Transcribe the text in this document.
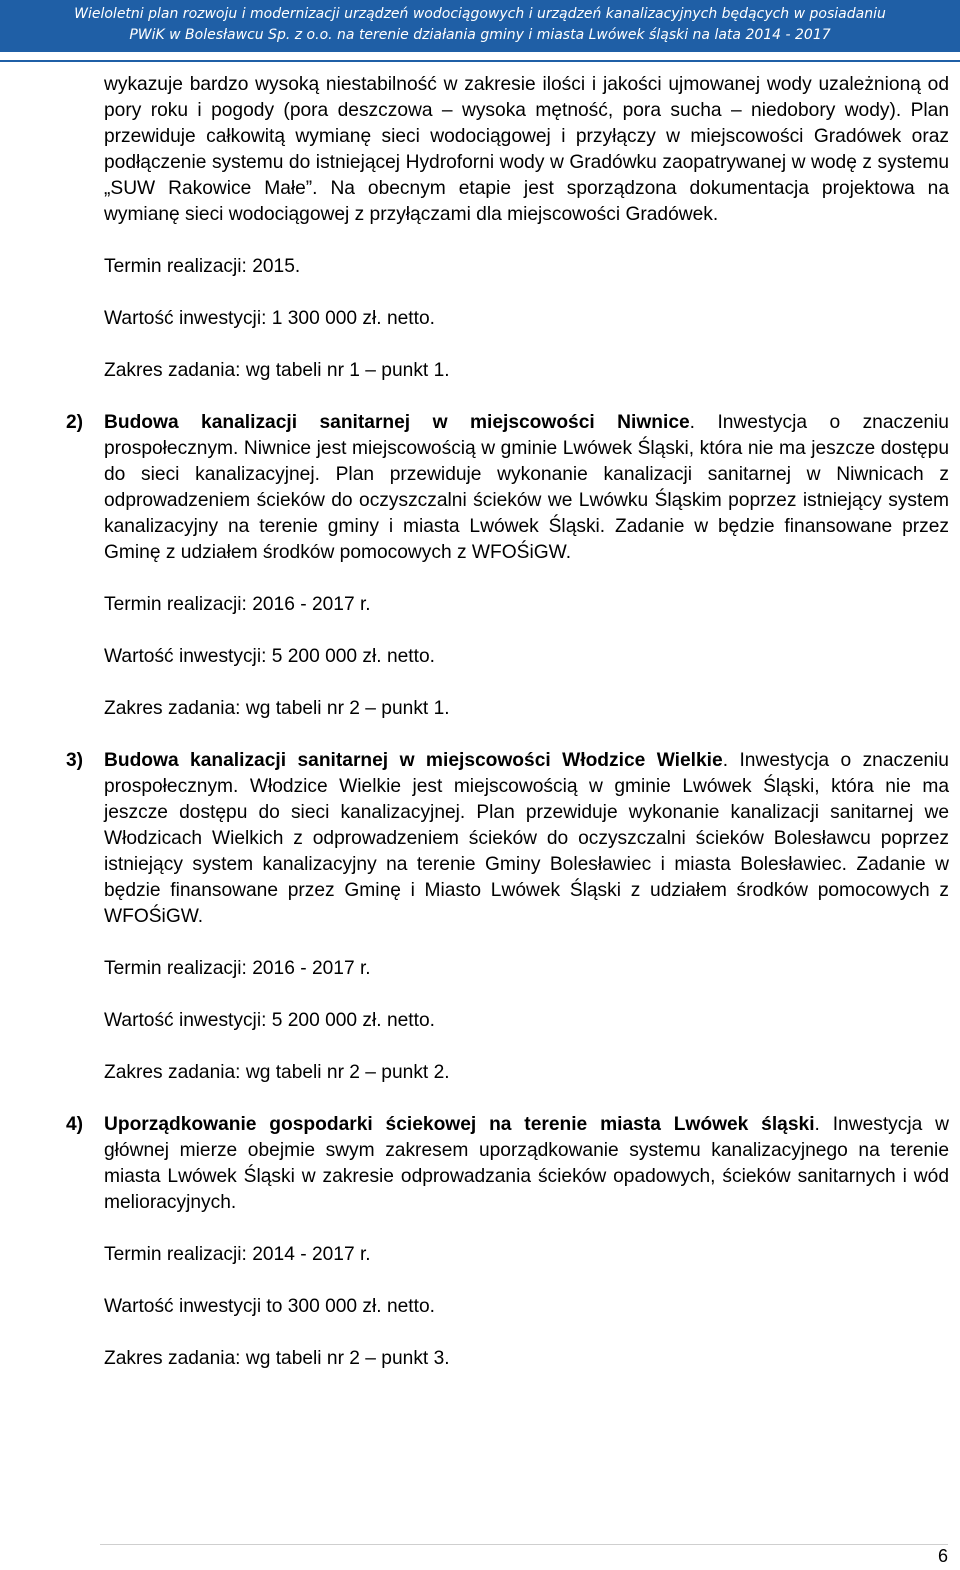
Wieloletni plan rozwoju i modernizacji urządzeń wodociągowych i urządzeń kanalizacyjnych będących w posiadaniu
PWiK w Bolesławcu Sp. z o.o. na terenie działania gminy i miasta Lwówek śląski na lata 2014 - 2017
wykazuje bardzo wysoką niestabilność w zakresie ilości i jakości ujmowanej wody uzależnioną od pory roku i pogody (pora deszczowa – wysoka mętność, pora sucha – niedobory wody). Plan przewiduje całkowitą wymianę sieci wodociągowej i przyłączy w miejscowości Gradówek oraz podłączenie systemu do istniejącej Hydroforni wody w Gradówku zaopatrywanej w wodę z systemu „SUW Rakowice Małe”. Na obecnym etapie jest sporządzona dokumentacja projektowa na wymianę sieci wodociągowej z przyłączami dla miejscowości Gradówek.
Termin realizacji: 2015.
Wartość inwestycji: 1 300 000 zł. netto.
Zakres zadania: wg tabeli nr 1 – punkt 1.
2) Budowa kanalizacji sanitarnej w miejscowości Niwnice. Inwestycja o znaczeniu prospołecznym. Niwnice jest miejscowością w gminie Lwówek Śląski, która nie ma jeszcze dostępu do sieci kanalizacyjnej. Plan przewiduje wykonanie kanalizacji sanitarnej w Niwnicach z odprowadzeniem ścieków do oczyszczalni ścieków we Lwówku Śląskim poprzez istniejący system kanalizacyjny na terenie gminy i miasta Lwówek Śląski. Zadanie w będzie finansowane przez Gminę z udziałem środków pomocowych z WFOŚiGW.
Termin realizacji: 2016 - 2017 r.
Wartość inwestycji: 5 200 000 zł. netto.
Zakres zadania: wg tabeli nr 2 – punkt 1.
3) Budowa kanalizacji sanitarnej w miejscowości Włodzice Wielkie. Inwestycja o znaczeniu prospołecznym. Włodzice Wielkie jest miejscowością w gminie Lwówek Śląski, która nie ma jeszcze dostępu do sieci kanalizacyjnej. Plan przewiduje wykonanie kanalizacji sanitarnej we Włodzicach Wielkich z odprowadzeniem ścieków do oczyszczalni ścieków Bolesławcu poprzez istniejący system kanalizacyjny na terenie Gminy Bolesławiec i miasta Bolesławiec. Zadanie w będzie finansowane przez Gminę i Miasto Lwówek Śląski z udziałem środków pomocowych z WFOŚiGW.
Termin realizacji: 2016 - 2017 r.
Wartość inwestycji: 5 200 000 zł. netto.
Zakres zadania: wg tabeli nr 2 – punkt 2.
4) Uporządkowanie gospodarki ściekowej na terenie miasta Lwówek śląski. Inwestycja w głównej mierze obejmie swym zakresem uporządkowanie systemu kanalizacyjnego na terenie miasta Lwówek Śląski w zakresie odprowadzania ścieków opadowych, ścieków sanitarnych i wód melioracyjnych.
Termin realizacji: 2014 - 2017 r.
Wartość inwestycji to 300 000 zł. netto.
Zakres zadania: wg tabeli nr 2 – punkt 3.
6
